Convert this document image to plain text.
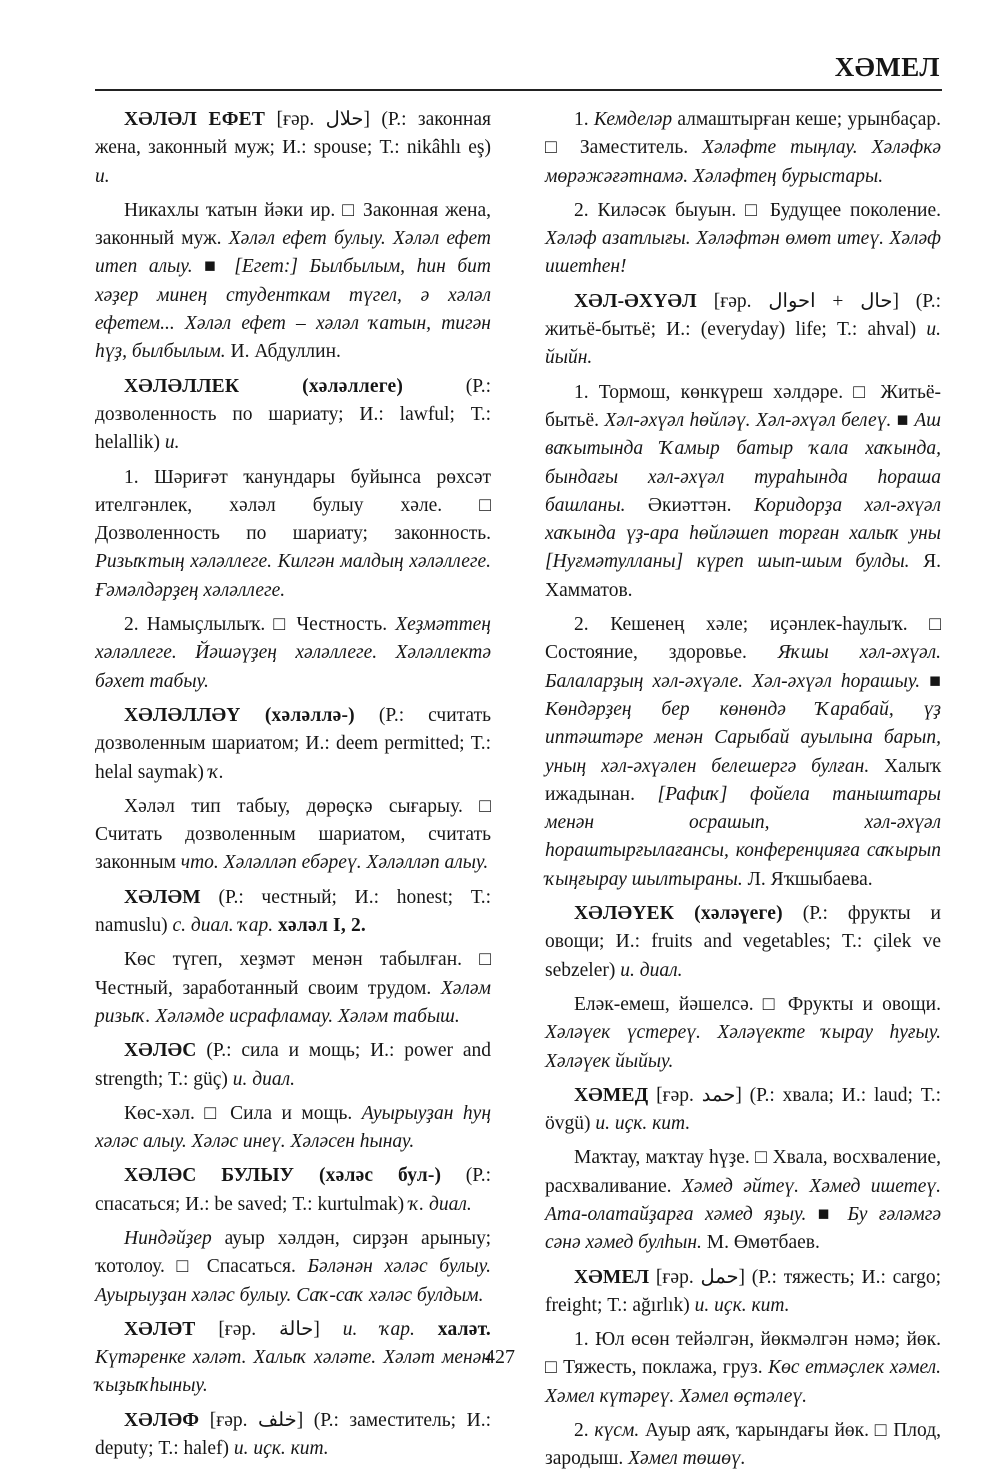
ХӘМЕЛ

ХӘЛӘЛ ЕФЕТ [ғәр. حلال] (Р.: законная жена, законный муж; И.: spouse; Т.: nikâhlı eş) и.

Никахлы ҡатын йәки ир. □ Законная жена, законный муж. Хәләл ефет булыу. Хәләл ефет итеп алыу. ■ [Егет:] Былбылым, һин бит хәҙер минең студенткам түгел, ә хәләл ефетем... Хәләл ефет – хәләл ҡатын, тигән һүҙ, былбылым. И. Абдуллин.

ХӘЛӘЛЛЕК (хәләллеге) (Р.: дозволенность по шариату; И.: lawful; Т.: helallik) и.

1. Шәриғәт ҡанундары буйынса рөхсәт ителгәнлек, хәләл булыу хәле. □ Дозволенность по шариату; законность. Ризыҡтың хәләллеге. Килгән малдың хәләллеге. Ғәмәлдәрҙең хәләллеге.

2. Намыҫлылыҡ. □ Честность. Хеҙмәттең хәләллеге. Йәшәүҙең хәләллеге. Хәләллектә бәхет табыу.

ХӘЛӘЛЛӘҮ (хәләллә-) (Р.: считать дозволенным шариатом; И.: deem permitted; Т.: helal saymak) ҡ.

Хәләл тип табыу, дөрөҫкә сығарыу. □ Считать дозволенным шариатом, считать законным что. Хәләлләп ебәреү. Хәләлләп алыу.

ХӘЛӘМ (Р.: честный; И.: honest; Т.: namuslu) с. диал. ҡар. хәләл I, 2.

Көс түгеп, хеҙмәт менән табылған. □ Честный, заработанный своим трудом. Хәләм ризыҡ. Хәләмде исрафламау. Хәләм табыш.

ХӘЛӘС (Р.: сила и мощь; И.: power and strength; Т.: güç) и. диал.

Көс-хәл. □ Сила и мощь. Ауырыуҙан һуң хәләс алыу. Хәләс инеү. Хәләсен һынау.

ХӘЛӘС БУЛЫУ (хәләс бул-) (Р.: спасаться; И.: be saved; Т.: kurtulmak) ҡ. диал.

Ниндәйҙер ауыр хәлдән, сирҙән арыныу; ҡотолоу. □ Спасаться. Бәләнән хәләс булыу. Ауырыуҙан хәләс булыу. Саҡ-саҡ хәләс булдым.

ХӘЛӘТ [ғәр. حالة] и. ҡар. халәт. Күтәренке хәләт. Халыҡ хәләте. Хәләт менән ҡыҙыҡһыныу.

ХӘЛӘФ [ғәр. خلف] (Р.: заместитель; И.: deputy; Т.: halef) и. иҫк. кит.

1. Кемделәр алмаштырған кеше; урынбаҫар. □ Заместитель. Хәләфте тыңлау. Хәләфкә мөрәжәғәтнамә. Хәләфтең бурыстары.

2. Киләсәк быуын. □ Будущее поколение. Хәләф азатлығы. Хәләфтән өмөт итеү. Хәләф ишетһен!

ХӘЛ-ӘХҮӘЛ [ғәр.	حال + احوال	] (Р.: житьё-бытьё; И.: (everyday) life; Т.: ahval) и. йыйн.

1. Тормош, көнкүреш хәлдәре. □ Житьё-бытьё. Хәл-әхүәл һөйләү. Хәл-әхүәл белеү. ■ Аш ваҡытында Ҡамыр батыр ҡала хаҡында, бындағы хәл-әхүәл тураһында һораша башланы. Әкиәттән. Коридорҙа хәл-әхүәл хаҡында үҙ-ара һөйләшеп торған халыҡ уны [Нуғмәтулланы] күреп шып-шым булды. Я. Хамматов.

2. Кешенең хәле; иҫәнлек-һаулыҡ. □ Состояние, здоровье. Яҡшы хәл-әхүәл. Балаларҙың хәл-әхүәле. Хәл-әхүәл һорашыу. ■ Көндәрҙең бер көнөндә Ҡарабай, үҙ иптәштәре менән Сарыбай ауылына барып, уның хәл-әхүәлен белешергә булған. Халыҡ ижадынан. [Рафиҡ] фойела таныштары менән осрашып, хәл-әхүәл һораштырғылағансы, конференцияға саҡырып ҡыңғырау шылтыраны. Л. Яҡшыбаева.

ХӘЛӘҮЕК (хәләүеге) (Р.: фрукты и овощи; И.: fruits and vegetables; Т.: çilek ve sebzeler) и. диал.

Еләк-емеш, йәшелсә. □ Фрукты и овощи. Хәләүек үстереү. Хәләүекте ҡырау һуғыу. Хәләүек йыйыу.

ХӘМЕД [ғәр. حمد] (Р.: хвала; И.: laud; Т.: övgü) и. иҫк. кит.

Маҡтау, маҡтау һүҙе. □ Хвала, восхваление, расхваливание. Хәмед әйтеү. Хәмед ишетеү. Ата-олатайҙарға хәмед яҙыу. ■ Бу ғәләмгә сәнә хәмед булһын. М. Өмөтбаев.

ХӘМЕЛ [ғәр. حمل] (Р.: тяжесть; И.: cargo; freight; Т.: ağırlık) и. иҫк. кит.

1. Юл өсөн тейәлгән, йөкмәлгән нәмә; йөк. □ Тяжесть, поклажа, груз. Көс етмәҫлек хәмел. Хәмел күтәреү. Хәмел өҫтәлеү.

2. күсм. Ауыр аяҡ, ҡарындағы йөк. □ Плод, зародыш. Хәмел төшөү.

427
